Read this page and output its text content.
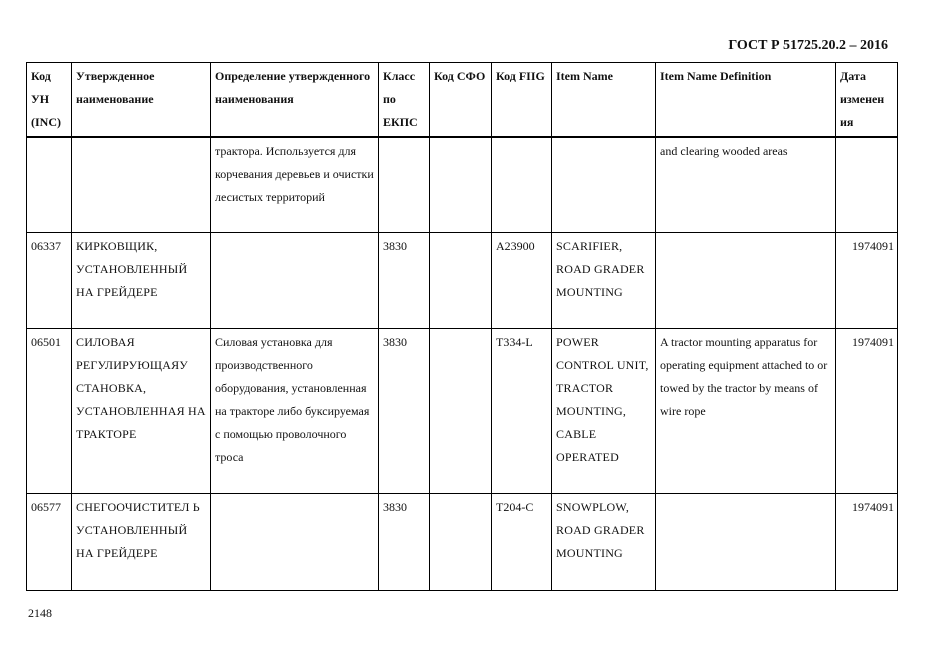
ГОСТ Р 51725.20.2 – 2016
Код УН (INC)	Утвержденное наименование	Определение утвержденного наименования	Класс по ЕКПС	Код СФО	Код FIIG	Item Name	Item Name Definition	Дата изменен ия
		трактора. Используется для корчевания деревьев и очистки лесистых территорий					and clearing wooded areas	
06337	КИРКОВЩИК, УСТАНОВЛЕННЫЙ НА ГРЕЙДЕРЕ		3830		A23900	SCARIFIER, ROAD GRADER MOUNTING		1974091
06501	СИЛОВАЯ РЕГУЛИРУЮЩАЯУ СТАНОВКА, УСТАНОВЛЕННАЯ НА ТРАКТОРЕ	Силовая установка для производственного оборудования, установленная на тракторе либо буксируемая с помощью проволочного троса	3830		T334-L	POWER CONTROL UNIT, TRACTOR MOUNTING, CABLE OPERATED	A tractor mounting apparatus for operating equipment attached to or towed by the tractor by means of wire rope	1974091
06577	СНЕГООЧИСТИТЕЛ Ь УСТАНОВЛЕННЫЙ НА ГРЕЙДЕРЕ		3830		T204-C	SNOWPLOW, ROAD GRADER MOUNTING		1974091
2148
